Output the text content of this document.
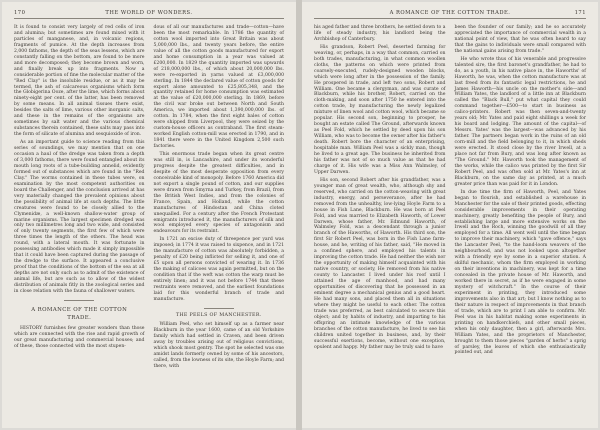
170	THE WORLD OF WONDERS.

It is found to consist very largely of red cells of iron and alumina; but sometimes are found mixed with it particles of manganese, and, in volcanic regions, fragments of pumice. At the depth increases from 2,000 fathoms, the depth of the seas lessens, which are constantly falling on the bottom, are found to be more and more decomposed; they become brown and worn, and finally break up into fragments. Now a considerable portion of fine the molecular matter of the "Red Clay" is the insoluble residue, or as it may be termed, the ash of calcareous organisms which form the Globigerina Ooze, after the lime, which forms about ninety-eight per cent. of the latter, has been removed by some means. In all animal tissues there exist, besides the salts of lime, various other inorganic salts, and these in the remains of the organisms are sometimes by salt water and the various chemical substances therein contained, these salts may pass into the form of silicate of alumina and sesquioxide of iron.

As an important guide to science reading from this series of soundings, we may mention that on one occasion a haul of the dredge was taken from a depth of 3,000 fathoms, there were found entangled about its mouth long roots of a tube-building annelid, evidently formed out of substances which are found in the "Red Clay." The worms contained in these tubes were, on examination by the most competent authorities on board the Challenger, and the conclusion arrived at has very materially changed the prevalent opinions about the possibility of animal life at such depths. The little creatures were found to be closely allied to the Clymenidæ, a well-known shallow-water group of marine organisms. The largest specimen dredged was only two millimetres long and two wide, and consisted of only twenty segments, the first few of which were three times the length of the others. The head was round, with a lateral mouth. It was fortunate in possessing antibodies which made it simply impossible that it could have been captured during the passage of the dredge to the surface. It appeared a conclusive proof that the conditions of the bottom of the sea at all depths are not only such as to admit of the existence of animal life, but are such as to allow of the widest distribution of animals fitly in the zoological series and in close relation with the fauna of shallower waters.

A ROMANCE OF THE COTTON
TRADE.

HISTORY furnishes few greater wonders than those which are connected with the rise and rapid growth of our great manufacturing and commercial houses; and of these, those connected with the most stupen-

dous of all our manufactures and trade—cotton—have been the most remarkable. In 1786 the quantity of cotton wool imported into Great Britain was about 5,000,000 lbs., and twenty years before, the entire value of all the cotton goods manufactured for export and home consumption in a year was valued at £200,000. In 1829 the quantity imported was upwards of 218,000,000 lbs., of which about 20,000,000 lbs. were re-exported in yarns valued at £3,000,000 sterling. In 1844 the declared value of cotton goods for export alone amounted to £25,805,348, and the quantity retained for home consumption was estimated at the value of £20,000,000 sterling. In 1869, before the civil war broke out between North and South America, we imported about 1,390,000,000 lbs. of cotton. In 1784, when the first eight bales of cotton were shipped from Liverpool, they were seized by the custom-house officers as contraband. The first steam-worked English cotton-mill was erected in 1790, and in 1841 there were in the United Kingdom 2,500 such factories.

This enormous trade began when its great centre was still in, is Lancashire, and under its wonderful progress despite the greatest difficulties, and in despite of the most desperate opposition from every conceivable kind of monopoly. Before 1760 America did not export a single pound of cotton, and our supplies were drawn from Smyrna and Turkey, from Brazil, from the British West Indies, and from the colonies of France, Spain, and Holland, while the cotton manufactures of Hindostan and China cloted unequalled. For a century after the French Protestant emigrants introduced it, the manufacturers of silk and wool employed every species of antagonism and endeavours for its restraint.

In 1721 an excise duty of threepence per yard was imposed; in 1774 it was raised to sixpence, and in 1721 the manufacture of cotton was absolutely forbidden, a penalty of £20 being inflicted for selling it, and one of £5 upon all persons convicted of wearing it. In 1736 the making of calicoes was again permitted, but on the condition that if the weft was cotton the warp must be entirely linen; and it was not before 1744 that these restraints were removed, and the earliest foundations laid for this wonderful branch of trade and manufacture.

THE PEELS OF MANCHESTER.

William Peel, who set himself up as a farmer near Blackburn in the year 1600, came of an old Yorkshire family which had settled in Craven, and been driven away by troubles arising out of religious convictions, which shook most gentry. The spot he selected was one amidst lands formerly owned by some of his ancestors, called, from the lowness of its site, the Hoyle Farm; and there, with

A ROMANCE OF THE COTTON TRADE.	171

his aged father and three brothers, he settled down to a life of steady industry, his landlord being the Archbishop of Canterbury.

His grandson, Robert Peel, deserted farming for weaving, or, perhaps, in a way that common, carried on both trades, manufacturing, in what common woollen cloths, the patterns on which were printed from coarsely-executed, rudely-designed wooden blocks, which were long after in the possession of the family. He prospered in trade, and left two sons, Robert and William. One became a clergyman, and was curate of Blackburn, while his brother, Robert, carried on the cloth-making, and soon after 1750 he entered into the cotton trade, by manufacturing the newly legalized mixture of linen wool and cotton wool, which became so popular. His second son, beginning to prosper, he bought an estate called The Ground, afterwards known as Peel Fold, which he settled by deed upon his son William, who was to become the owner after his father's death. Robert bore the character of an enterprising, hospitable man. William Peel was a sickly man, though he lived to a great age. The business he inherited from his father was not of so much value as that he had charge of it. His wife was a Miss Ann Walmsley, of Upper Darwen.

His son, second Robert after his grandfather, was a younger man of great wealth, who, although shy and reserved, who carried on the cotton-weaving with great industry, energy, and perseverance, after he had removed from the unhealthy, low-lying Hoyle Farm to a house in Fish Lane, Blackburn. He was born at Peel Fold, and was married to Elizabeth Haworth, of Lower Darwen, whose father, Mr. Edmund Haworth, of Walmsley Fold, was a descendant through a junior branch of the Haworths, of Haworth. His third son, the first Sir Robert Peel, was born in the Fish Lane farm-house, and he, writing of his father, said, "He moved in a confined sphere, and employed his talents in improving the cotton trade. He had neither the wish nor the opportunity of making himself acquainted with his native country, or society, He removed from his native county to Lancaster. I lived under his roof until I attained the age of manhood, and had many opportunities of discovering that he possessed in an eminent degree a mechanical genius and a good heart. He had many sons, and placed them all in situations where they might be useful to each other. The cotton trade was preferred, as best calculated to secure this object; and by habits of industry, and imparting to his offspring an intimate knowledge of the various branches of the cotton manufacture, he lived to see his children united together in business, and, by their successful exertions, become, without one exception, opulent and happy. My father may be truly said to have

been the founder of our family; and he so accurately appreciated the importance of commercial wealth in a national point of view, that he was often heard to say that the gains to individuals were small compared with the national gains arising from trade."

He who wrote thus of his venerable and progressive talented sire, the first baronet's grandfather, he had to do, as a youth, in his native place in, the Haworths' of Haworth, he was, when the cotton manufacture was at last freed from its fantastic legal restrictions, he and James Haworth—his uncle on the mother's side—and William Yates, the landlord of a little inn at Blackburn called the "Black Bull," put what capital they could command together—£500—to start in business as calico-printers. Robert was then seven-and-twenty years old; Mr. Yates and paid eight shillings a week for his board and lodging. The amount of the capital—of Messrs. Yates' was the largest—was advanced by his father. The partners began work in the ruins of an old corn-mill and the field belonging to it, in which sheds were erected. It stood close by the river Irwell, at a place not far from Bury, and was long after known as "The Ground." Mr. Haworth took the management of the works, while the calico was printed by the first Sir Robert Peel, and was often sold at Mr. Yates's inn at Blackburn, on the same day as printed, at a much greater price than was paid for it in London.

In due time the firm of Haworth, Peel, and Yates began to flourish, and established a warehouse in Manchester for the sale of their printed goods, effecting considerable improvements in their operating machinery, greatly benefiting the people of Bury, and establishing large and more extensive works on the Irwell and the Roch, winning the goodwill of all they employed for a time. All went well until the time began to improve their machinery, which "gave offence," says the Lancaster Peel, "to the hand-loom weavers of the neighbourhood, and was not looked upon altogether with a friendly eye by some in a superior station. A skilful mechanic, whom the firm employed in working on their inventions in machinery, was kept for a time concealed in the private house of Mr. Haworth, and worked there in secret, as if he were engaged in some mystery of witchcraft." In the course of their experiment in printing, they introduced some improvements also in that art; but I know nothing as to their nature in respect of improvements in that branch of trade, which are to print I am able to confirm. Mr. Peel was in his habitat making some experiments in printing on handkerchiefs, and other small pieces, when his only daughter, then a girl, afterwards Mrs. William Yates, and the proprietors of Manchester, brought to them those pieces "garden of herbs" a sprig of parsley, the leaves of which she enthusiastically pointed out, and
